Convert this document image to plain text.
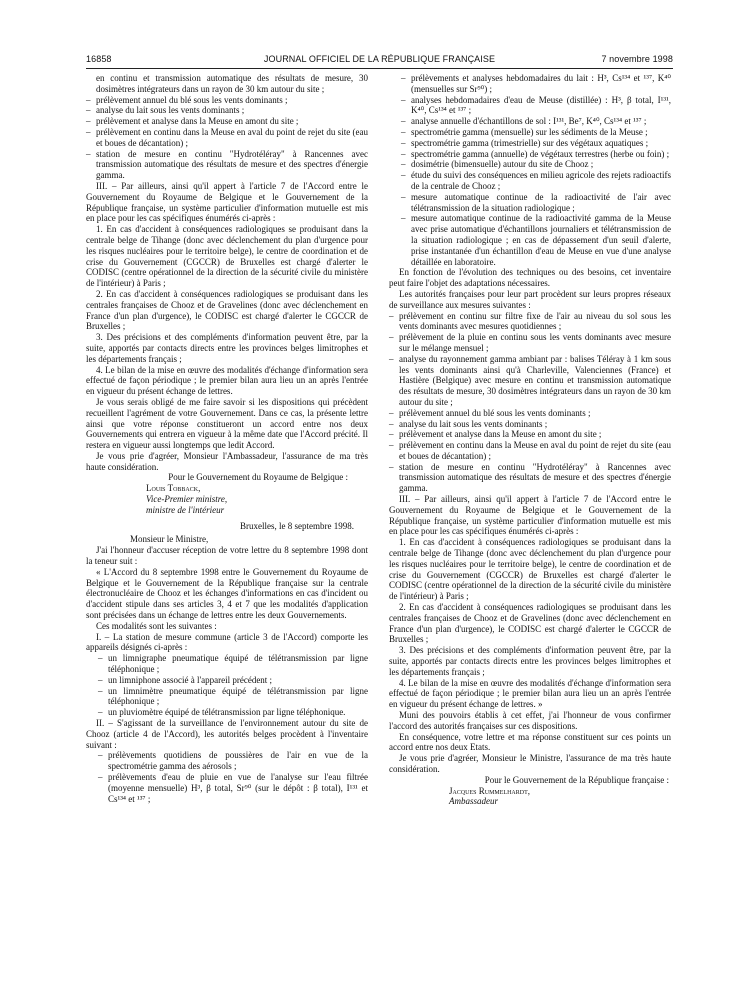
16858	JOURNAL OFFICIEL DE LA RÉPUBLIQUE FRANÇAISE	7 novembre 1998

en continu et transmission automatique des résultats de mesure, 30 dosimètres intégrateurs dans un rayon de 30 km autour du site ;

– prélèvement annuel du blé sous les vents dominants ;

– analyse du lait sous les vents dominants ;

– prélèvement et analyse dans la Meuse en amont du site ;

– prélèvement en continu dans la Meuse en aval du point de rejet du site (eau et boues de décantation) ;

– station de mesure en continu "Hydrotéléray" à Rancennes avec transmission automatique des résultats de mesure et des spectres d'énergie gamma.

III. – Par ailleurs, ainsi qu'il appert à l'article 7 de l'Accord entre le Gouvernement du Royaume de Belgique et le Gouvernement de la République française, un système particulier d'information mutuelle est mis en place pour les cas spécifiques énumérés ci-après :

1. En cas d'accident à conséquences radiologiques se produisant dans la centrale belge de Tihange (donc avec déclenchement du plan d'urgence pour les risques nucléaires pour le territoire belge), le centre de coordination et de crise du Gouvernement (CGCCR) de Bruxelles est chargé d'alerter le CODISC (centre opérationnel de la direction de la sécurité civile du ministère de l'intérieur) à Paris ;

2. En cas d'accident à conséquences radiologiques se produisant dans les centrales françaises de Chooz et de Gravelines (donc avec déclenchement en France d'un plan d'urgence), le CODISC est chargé d'alerter le CGCCR de Bruxelles ;

3. Des précisions et des compléments d'information peuvent être, par la suite, apportés par contacts directs entre les provinces belges limitrophes et les départements français ;

4. Le bilan de la mise en œuvre des modalités d'échange d'information sera effectué de façon périodique ; le premier bilan aura lieu un an après l'entrée en vigueur du présent échange de lettres.

Je vous serais obligé de me faire savoir si les dispositions qui précèdent recueillent l'agrément de votre Gouvernement. Dans ce cas, la présente lettre ainsi que votre réponse constitueront un accord entre nos deux Gouvernements qui entrera en vigueur à la même date que l'Accord précité. Il restera en vigueur aussi longtemps que ledit Accord.

Je vous prie d'agréer, Monsieur l'Ambassadeur, l'assurance de ma très haute considération.

Pour le Gouvernement du Royaume de Belgique :

Louis Tobback,

Vice-Premier ministre,

ministre de l'intérieur

Bruxelles, le 8 septembre 1998.

Monsieur le Ministre,

J'ai l'honneur d'accuser réception de votre lettre du 8 septembre 1998 dont la teneur suit :

« L'Accord du 8 septembre 1998 entre le Gouvernement du Royaume de Belgique et le Gouvernement de la République française sur la centrale électronucléaire de Chooz et les échanges d'informations en cas d'incident ou d'accident stipule dans ses articles 3, 4 et 7 que les modalités d'application sont précisées dans un échange de lettres entre les deux Gouvernements.

Ces modalités sont les suivantes :

I. – La station de mesure commune (article 3 de l'Accord) comporte les appareils désignés ci-après :

– un limnigraphe pneumatique équipé de télétransmission par ligne téléphonique ;

– un limniphone associé à l'appareil précédent ;

– un limnimètre pneumatique équipé de télétransmission par ligne téléphonique ;

– un pluviomètre équipé de télétransmission par ligne téléphonique.

II. – S'agissant de la surveillance de l'environnement autour du site de Chooz (article 4 de l'Accord), les autorités belges procèdent à l'inventaire suivant :

– prélèvements quotidiens de poussières de l'air en vue de la spectrométrie gamma des aérosols ;

– prélèvements d'eau de pluie en vue de l'analyse sur l'eau filtrée (moyenne mensuelle) H³, β total, Sr⁹⁰ (sur le dépôt : β total), I¹³¹ et Cs¹³⁴ et ¹³⁷ ;

– prélèvements et analyses hebdomadaires du lait : H³, Cs¹³⁴ et ¹³⁷, K⁴⁰ (mensuelles sur Sr⁹⁰) ;

– analyses hebdomadaires d'eau de Meuse (distillée) : H³, β total, I¹³¹, K⁴⁰, Cs¹³⁴ et ¹³⁷ ;

– analyse annuelle d'échantillons de sol : I¹³¹, Be⁷, K⁴⁰, Cs¹³⁴ et ¹³⁷ ;

– spectrométrie gamma (mensuelle) sur les sédiments de la Meuse ;

– spectrométrie gamma (trimestrielle) sur des végétaux aquatiques ;

– spectrométrie gamma (annuelle) de végétaux terrestres (herbe ou foin) ;

– dosimétrie (bimensuelle) autour du site de Chooz ;

– étude du suivi des conséquences en milieu agricole des rejets radioactifs de la centrale de Chooz ;

– mesure automatique continue de la radioactivité de l'air avec télétransmission de la situation radiologique ;

– mesure automatique continue de la radioactivité gamma de la Meuse avec prise automatique d'échantillons journaliers et télétransmission de la situation radiologique ; en cas de dépassement d'un seuil d'alerte, prise instantanée d'un échantillon d'eau de Meuse en vue d'une analyse détaillée en laboratoire.

En fonction de l'évolution des techniques ou des besoins, cet inventaire peut faire l'objet des adaptations nécessaires.

Les autorités françaises pour leur part procèdent sur leurs propres réseaux de surveillance aux mesures suivantes :

– prélèvement en continu sur filtre fixe de l'air au niveau du sol sous les vents dominants avec mesures quotidiennes ;

– prélèvement de la pluie en continu sous les vents dominants avec mesure sur le mélange mensuel ;

– analyse du rayonnement gamma ambiant par : balises Téléray à 1 km sous les vents dominants ainsi qu'à Charleville, Valenciennes (France) et Hastière (Belgique) avec mesure en continu et transmission automatique des résultats de mesure, 30 dosimètres intégrateurs dans un rayon de 30 km autour du site ;

– prélèvement annuel du blé sous les vents dominants ;

– analyse du lait sous les vents dominants ;

– prélèvement et analyse dans la Meuse en amont du site ;

– prélèvement en continu dans la Meuse en aval du point de rejet du site (eau et boues de décantation) ;

– station de mesure en continu "Hydrotéléray" à Rancennes avec transmission automatique des résultats de mesure et des spectres d'énergie gamma.

III. – Par ailleurs, ainsi qu'il appert à l'article 7 de l'Accord entre le Gouvernement du Royaume de Belgique et le Gouvernement de la République française, un système particulier d'information mutuelle est mis en place pour les cas spécifiques énumérés ci-après :

1. En cas d'accident à conséquences radiologiques se produisant dans la centrale belge de Tihange (donc avec déclenchement du plan d'urgence pour les risques nucléaires pour le territoire belge), le centre de coordination et de crise du Gouvernement (CGCCR) de Bruxelles est chargé d'alerter le CODISC (centre opérationnel de la direction de la sécurité civile du ministère de l'intérieur) à Paris ;

2. En cas d'accident à conséquences radiologiques se produisant dans les centrales françaises de Chooz et de Gravelines (donc avec déclenchement en France d'un plan d'urgence), le CODISC est chargé d'alerter le CGCCR de Bruxelles ;

3. Des précisions et des compléments d'information peuvent être, par la suite, apportés par contacts directs entre les provinces belges limitrophes et les départements français ;

4. Le bilan de la mise en œuvre des modalités d'échange d'information sera effectué de façon périodique ; le premier bilan aura lieu un an après l'entrée en vigueur du présent échange de lettres. »

Muni des pouvoirs établis à cet effet, j'ai l'honneur de vous confirmer l'accord des autorités françaises sur ces dispositions.

En conséquence, votre lettre et ma réponse constituent sur ces points un accord entre nos deux Etats.

Je vous prie d'agréer, Monsieur le Ministre, l'assurance de ma très haute considération.

Pour le Gouvernement de la République française :

Jacques Rummelhardt,

Ambassadeur
